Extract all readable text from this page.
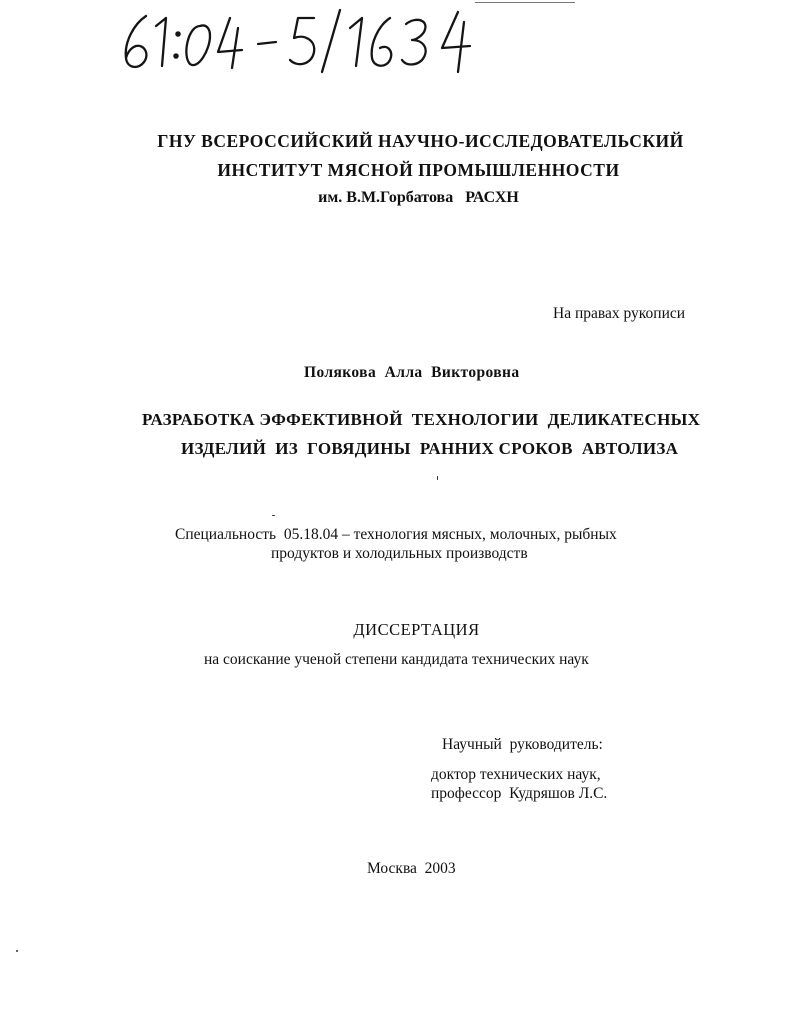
ГНУ ВСЕРОССИЙСКИЙ НАУЧНО-ИССЛЕДОВАТЕЛЬСКИЙ
ИНСТИТУТ МЯСНОЙ ПРОМЫШЛЕННОСТИ
им. В.М.Горбатова   РАСХН
На правах рукописи
Полякова  Алла  Викторовна
РАЗРАБОТКА ЭФФЕКТИВНОЙ  ТЕХНОЛОГИИ  ДЕЛИКАТЕСНЫХ
ИЗДЕЛИЙ  ИЗ  ГОВЯДИНЫ  РАННИХ СРОКОВ  АВТОЛИЗА
Специальность  05.18.04 – технология мясных, молочных, рыбных
продуктов и холодильных производств
ДИССЕРТАЦИЯ
на соискание ученой степени кандидата технических наук
Научный  руководитель:
доктор технических наук,
профессор  Кудряшов Л.С.
Москва  2003
